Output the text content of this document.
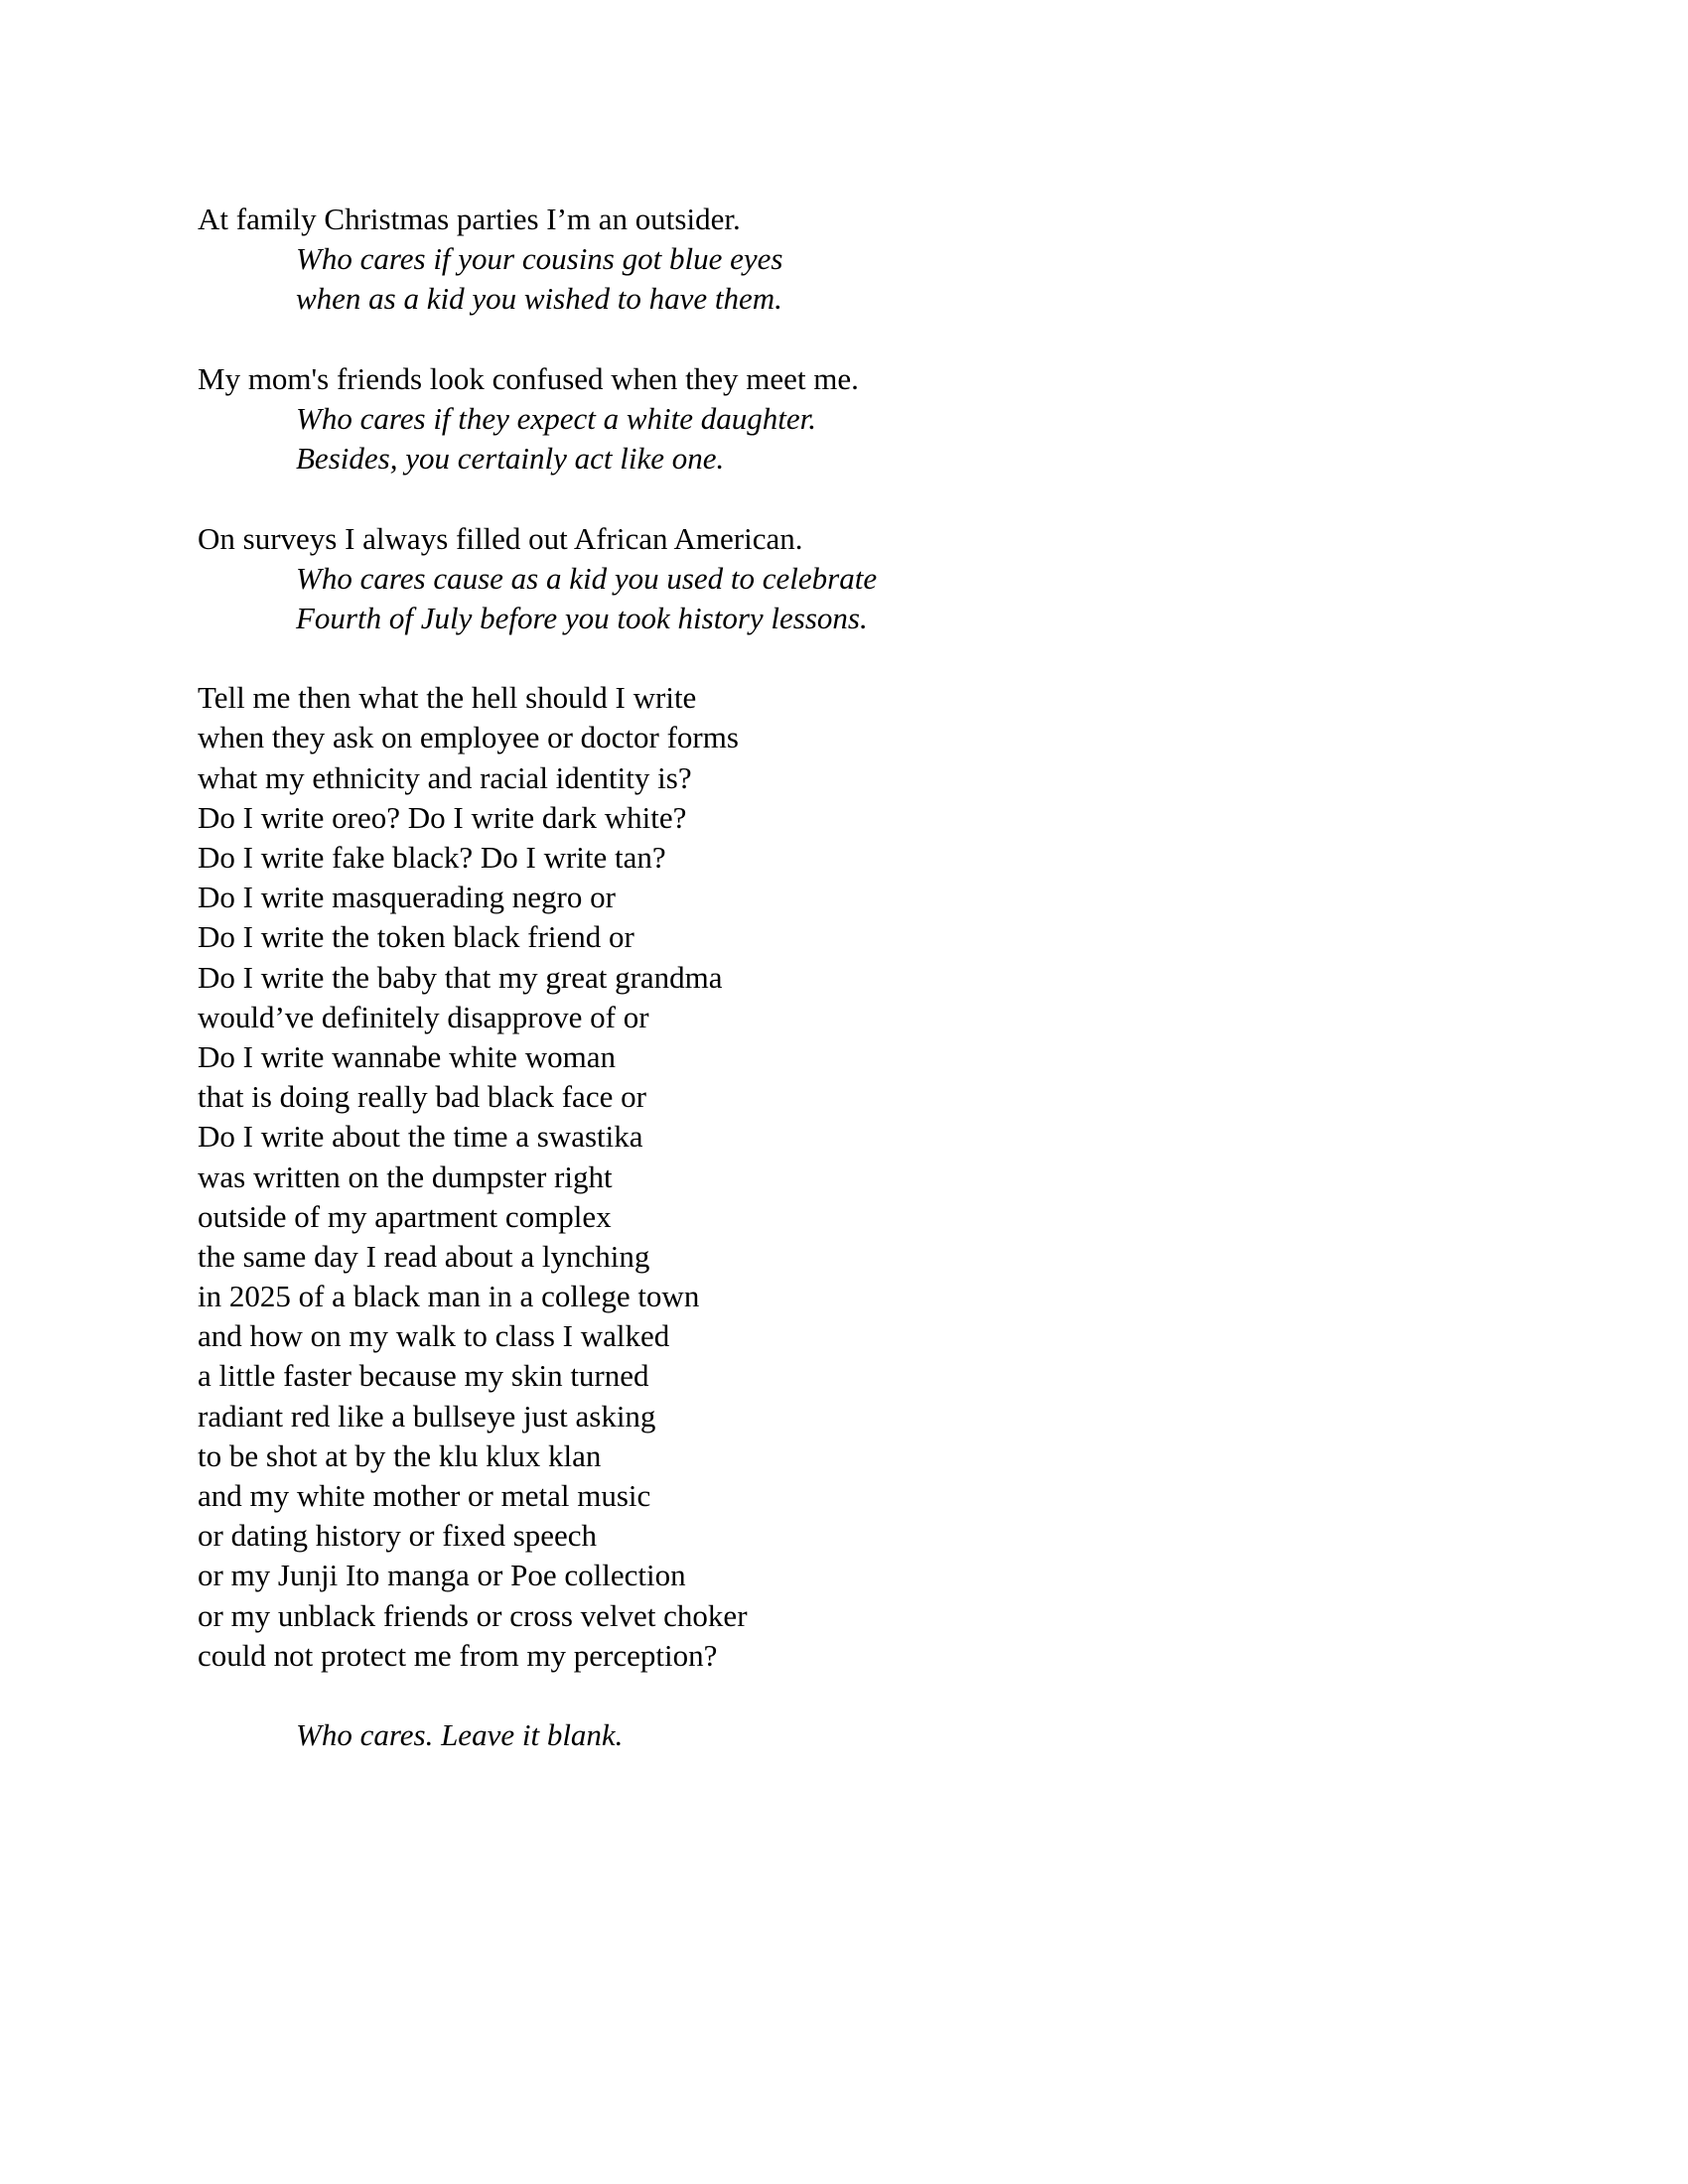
At family Christmas parties I’m an outsider.
Who cares if your cousins got blue eyes
when as a kid you wished to have them.
My mom's friends look confused when they meet me.
Who cares if they expect a white daughter.
Besides, you certainly act like one.
On surveys I always filled out African American.
Who cares cause as a kid you used to celebrate
Fourth of July before you took history lessons.
Tell me then what the hell should I write
when they ask on employee or doctor forms
what my ethnicity and racial identity is?
Do I write oreo? Do I write dark white?
Do I write fake black? Do I write tan?
Do I write masquerading negro or
Do I write the token black friend or
Do I write the baby that my great grandma
would’ve definitely disapprove of or
Do I write wannabe white woman
that is doing really bad black face or
Do I write about the time a swastika
was written on the dumpster right
outside of my apartment complex
the same day I read about a lynching
in 2025 of a black man in a college town
and how on my walk to class I walked
a little faster because my skin turned
radiant red like a bullseye just asking
to be shot at by the klu klux klan
and my white mother or metal music
or dating history or fixed speech
or my Junji Ito manga or Poe collection
or my unblack friends or cross velvet choker
could not protect me from my perception?
Who cares. Leave it blank.
